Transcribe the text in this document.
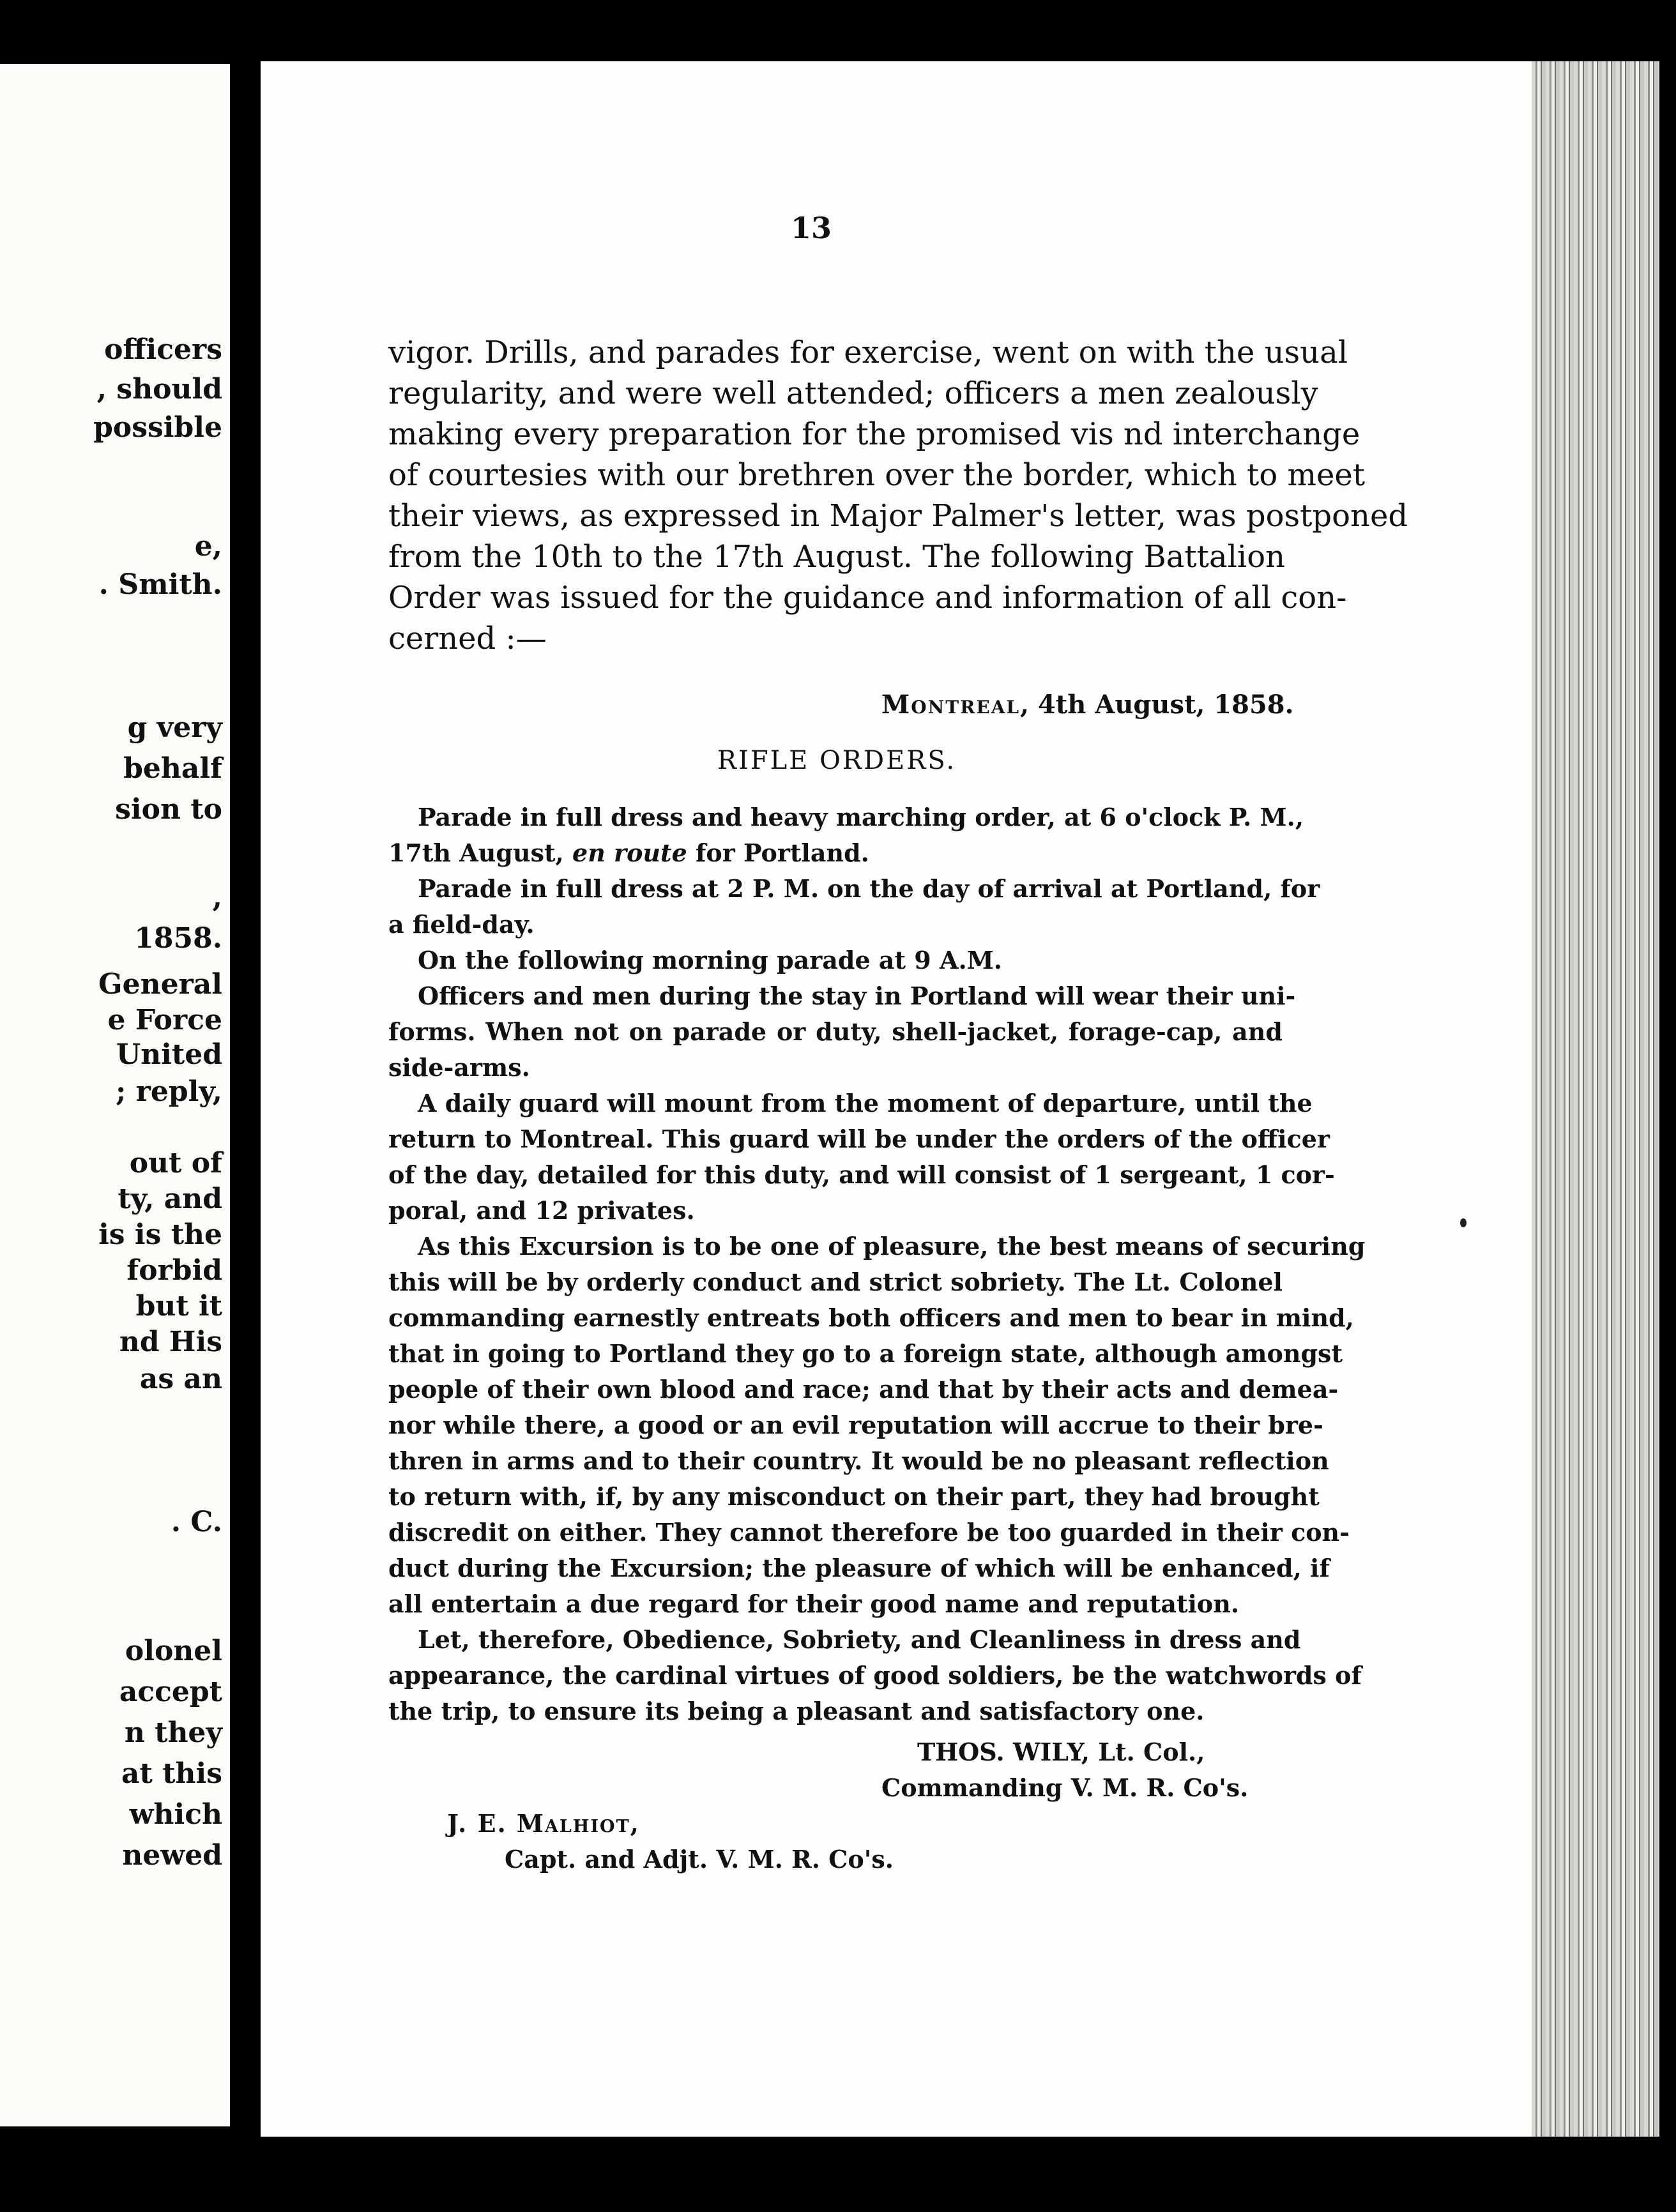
officers
, should
possible
e,
. Smith.
g very
behalf
sion to
,
1858.
General
e Force
United
; reply,
out of
ty, and
is is the
forbid
but it
nd His
as an
. C.
olonel
accept
n they
at this
which
newed
13
vigor. Drills, and parades for exercise, went on with the usual
regularity, and were well attended; officers a men zealously
making every preparation for the promised vis nd interchange
of courtesies with our brethren over the border, which to meet
their views, as expressed in Major Palmer's letter, was postponed
from the 10th to the 17th August. The following Battalion
Order was issued for the guidance and information of all con-
cerned :—
Montreal, 4th August, 1858.
RIFLE ORDERS.
Parade in full dress and heavy marching order, at 6 o'clock P. M.,
17th August, en route for Portland.
Parade in full dress at 2 P. M. on the day of arrival at Portland, for
a field-day.
On the following morning parade at 9 A.M.
Officers and men during the stay in Portland will wear their uni-
forms. When not on parade or duty, shell-jacket, forage-cap, and
side-arms.
A daily guard will mount from the moment of departure, until the
return to Montreal. This guard will be under the orders of the officer
of the day, detailed for this duty, and will consist of 1 sergeant, 1 cor-
poral, and 12 privates.
As this Excursion is to be one of pleasure, the best means of securing
this will be by orderly conduct and strict sobriety. The Lt. Colonel
commanding earnestly entreats both officers and men to bear in mind,
that in going to Portland they go to a foreign state, although amongst
people of their own blood and race; and that by their acts and demea-
nor while there, a good or an evil reputation will accrue to their bre-
thren in arms and to their country. It would be no pleasant reflection
to return with, if, by any misconduct on their part, they had brought
discredit on either. They cannot therefore be too guarded in their con-
duct during the Excursion; the pleasure of which will be enhanced, if
all entertain a due regard for their good name and reputation.
Let, therefore, Obedience, Sobriety, and Cleanliness in dress and
appearance, the cardinal virtues of good soldiers, be the watchwords of
the trip, to ensure its being a pleasant and satisfactory one.
THOS. WILY, Lt. Col.,
Commanding V. M. R. Co's.
J. E. Malhiot,
Capt. and Adjt. V. M. R. Co's.
